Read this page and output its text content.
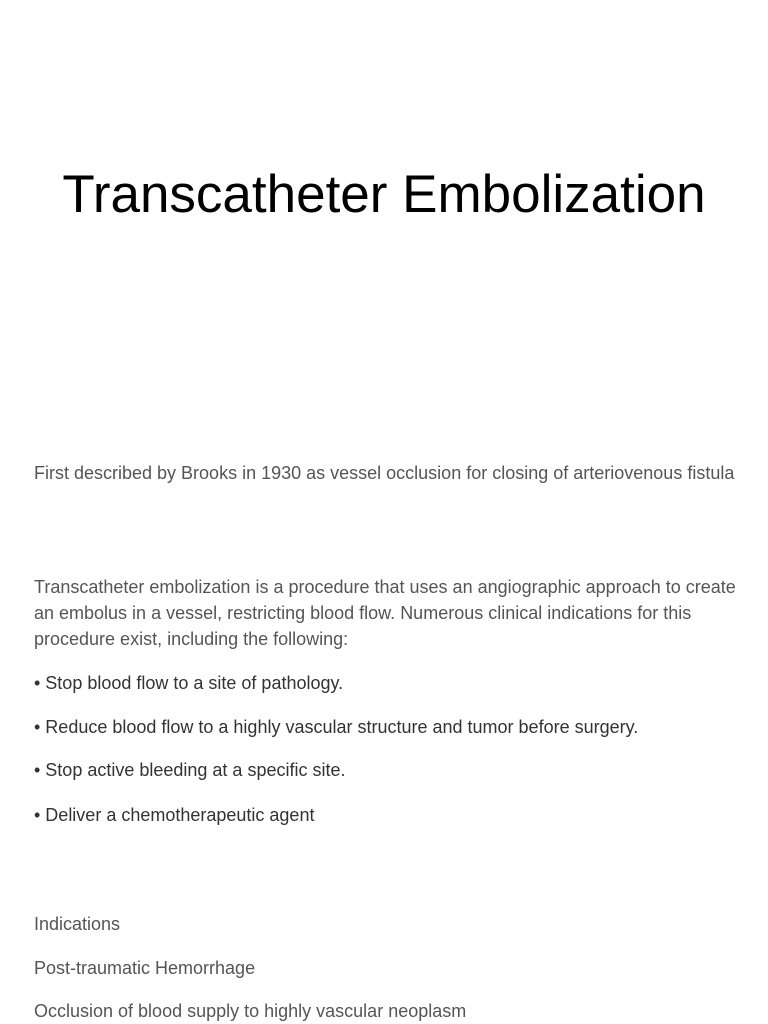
Transcatheter Embolization

First described by Brooks in 1930 as vessel occlusion for closing of arteriovenous fistula

Transcatheter embolization is a procedure that uses an angiographic approach to create an embolus in a vessel, restricting blood flow. Numerous clinical indications for this procedure exist, including the following:

• Stop blood flow to a site of pathology.

• Reduce blood flow to a highly vascular structure and tumor before surgery.

• Stop active bleeding at a specific site.

• Deliver a chemotherapeutic agent

Indications

Post-traumatic Hemorrhage

Occlusion of blood supply to highly vascular neoplasm
